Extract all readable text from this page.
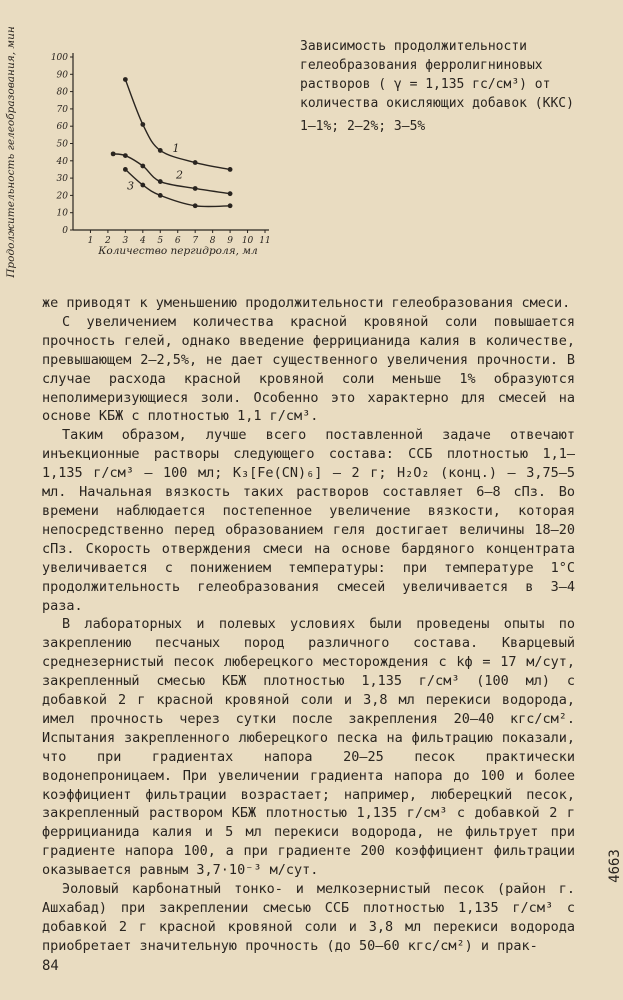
0
10
20
30
40
50
60
70
80
90
100
1 2 3 4 5 6 7 8 9 10 11
1
2
3
Продолжительность гелеобразования, мин	Количество пергидроля, мл
Зависимость продолжительности гелеобразования ферролигниновых растворов ( γ = 1,135 гс/см³) от количества окисляющих добавок (ККС)
1–1%; 2–2%; 3–5%

же приводят к уменьшению продолжительности гелеобразования смеси.

С увеличением количества красной кровяной соли повышается прочность гелей, однако введение феррицианида калия в количестве, превышающем 2–2,5%, не дает существенного увеличения прочности. В случае расхода красной кровяной соли меньше 1% образуются неполимеризующиеся золи. Особенно это характерно для смесей на основе КБЖ с плотностью 1,1 г/см³.

Таким образом, лучше всего поставленной задаче отвечают инъекционные растворы следующего состава: ССБ плотностью 1,1–1,135 г/см³ – 100 мл; K₃[Fe(CN)₆] – 2 г; H₂O₂ (конц.) – 3,75–5 мл. Начальная вязкость таких растворов составляет 6–8 сПз. Во времени наблюдается постепенное увеличение вязкости, которая непосредственно перед образованием геля достигает величины 18–20 сПз. Скорость отверждения смеси на основе бардяного концентрата увеличивается с понижением температуры: при температуре 1°С продолжительность гелеобразования смесей увеличивается в 3–4 раза.

В лабораторных и полевых условиях были проведены опыты по закреплению песчаных пород различного состава. Кварцевый среднезернистый песок люберецкого месторождения с kф = 17 м/сут, закрепленный смесью КБЖ плотностью 1,135 г/см³ (100 мл) с добавкой 2 г красной кровяной соли и 3,8 мл перекиси водорода, имел прочность через сутки после закрепления 20–40 кгс/см². Испытания закрепленного люберецкого песка на фильтрацию показали, что при градиентах напора 20–25 песок практически водонепроницаем. При увеличении градиента напора до 100 и более коэффициент фильтрации возрастает; например, люберецкий песок, закрепленный раствором КБЖ плотностью 1,135 г/см³ с добавкой 2 г феррицианида калия и 5 мл перекиси водорода, не фильтрует при градиенте напора 100, а при градиенте 200 коэффициент фильтрации оказывается равным 3,7·10⁻³ м/сут.

Эоловый карбонатный тонко- и мелкозернистый песок (район г. Ашхабад) при закреплении смесью ССБ плотностью 1,135 г/см³ с добавкой 2 г красной кровяной соли и 3,8 мл перекиси водорода приобретает значительную прочность (до 50–60 кгс/см²) и прак-

84
4663
